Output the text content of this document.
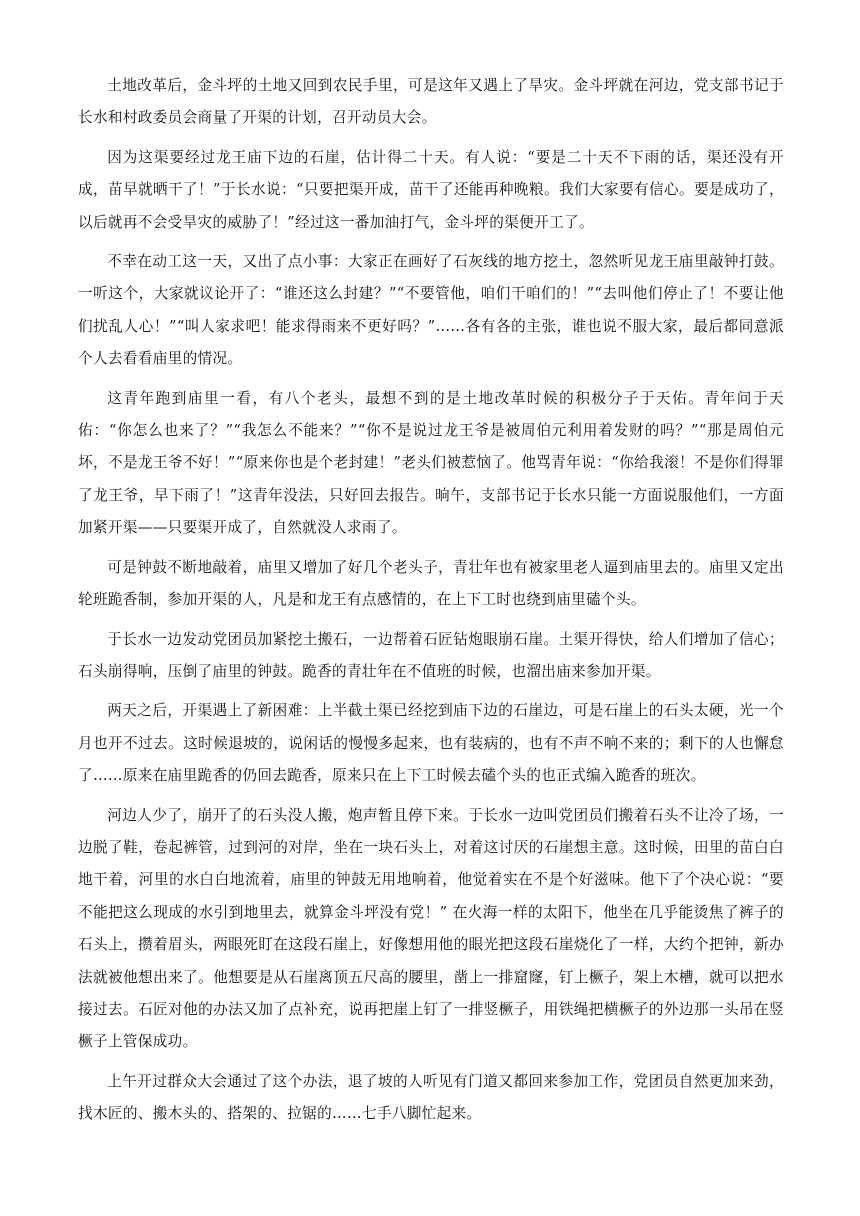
土地改革后，金斗坪的土地又回到农民手里，可是这年又遇上了旱灾。金斗坪就在河边，党支部书记于长水和村政委员会商量了开渠的计划，召开动员大会。

因为这渠要经过龙王庙下边的石崖，估计得二十天。有人说：“要是二十天不下雨的话，渠还没有开成，苗早就晒干了！”于长水说：“只要把渠开成，苗干了还能再种晚粮。我们大家要有信心。要是成功了，以后就再不会受旱灾的威胁了！”经过这一番加油打气，金斗坪的渠便开工了。

不幸在动工这一天，又出了点小事：大家正在画好了石灰线的地方挖土，忽然听见龙王庙里敲钟打鼓。一听这个，大家就议论开了：“谁还这么封建？”“不要管他，咱们干咱们的！”“去叫他们停止了！不要让他们扰乱人心！”“叫人家求吧！能求得雨来不更好吗？”……各有各的主张，谁也说不服大家，最后都同意派个人去看看庙里的情况。

这青年跑到庙里一看，有八个老头，最想不到的是土地改革时候的积极分子于天佑。青年问于天佑：“你怎么也来了？”“我怎么不能来？”“你不是说过龙王爷是被周伯元利用着发财的吗？”“那是周伯元坏，不是龙王爷不好！”“原来你也是个老封建！”老头们被惹恼了。他骂青年说：“你给我滚！不是你们得罪了龙王爷，早下雨了！”这青年没法，只好回去报告。晌午，支部书记于长水只能一方面说服他们，一方面加紧开渠——只要渠开成了，自然就没人求雨了。

可是钟鼓不断地敲着，庙里又增加了好几个老头子，青壮年也有被家里老人逼到庙里去的。庙里又定出轮班跪香制，参加开渠的人，凡是和龙王有点感情的，在上下工时也绕到庙里磕个头。

于长水一边发动党团员加紧挖土搬石，一边帮着石匠钻炮眼崩石崖。土渠开得快，给人们增加了信心；石头崩得响，压倒了庙里的钟鼓。跪香的青壮年在不值班的时候，也溜出庙来参加开渠。

两天之后，开渠遇上了新困难：上半截土渠已经挖到庙下边的石崖边，可是石崖上的石头太硬，光一个月也开不过去。这时候退坡的，说闲话的慢慢多起来，也有装病的，也有不声不响不来的；剩下的人也懈怠了……原来在庙里跪香的仍回去跪香，原来只在上下工时候去磕个头的也正式编入跪香的班次。

河边人少了，崩开了的石头没人搬，炮声暂且停下来。于长水一边叫党团员们搬着石头不让冷了场，一边脱了鞋，卷起裤管，过到河的对岸，坐在一块石头上，对着这讨厌的石崖想主意。这时候，田里的苗白白地干着，河里的水白白地流着，庙里的钟鼓无用地响着，他觉着实在不是个好滋味。他下了个决心说：“要不能把这么现成的水引到地里去，就算金斗坪没有党！” 在火海一样的太阳下，他坐在几乎能烫焦了裤子的石头上，攒着眉头，两眼死盯在这段石崖上，好像想用他的眼光把这段石崖烧化了一样，大约个把钟，新办法就被他想出来了。他想要是从石崖离顶五尺高的腰里，凿上一排窟窿，钉上橛子，架上木槽，就可以把水接过去。石匠对他的办法又加了点补充，说再把崖上钉了一排竖橛子，用铁绳把横橛子的外边那一头吊在竖橛子上管保成功。

上午开过群众大会通过了这个办法，退了坡的人听见有门道又都回来参加工作，党团员自然更加来劲，找木匠的、搬木头的、搭架的、拉锯的……七手八脚忙起来。
